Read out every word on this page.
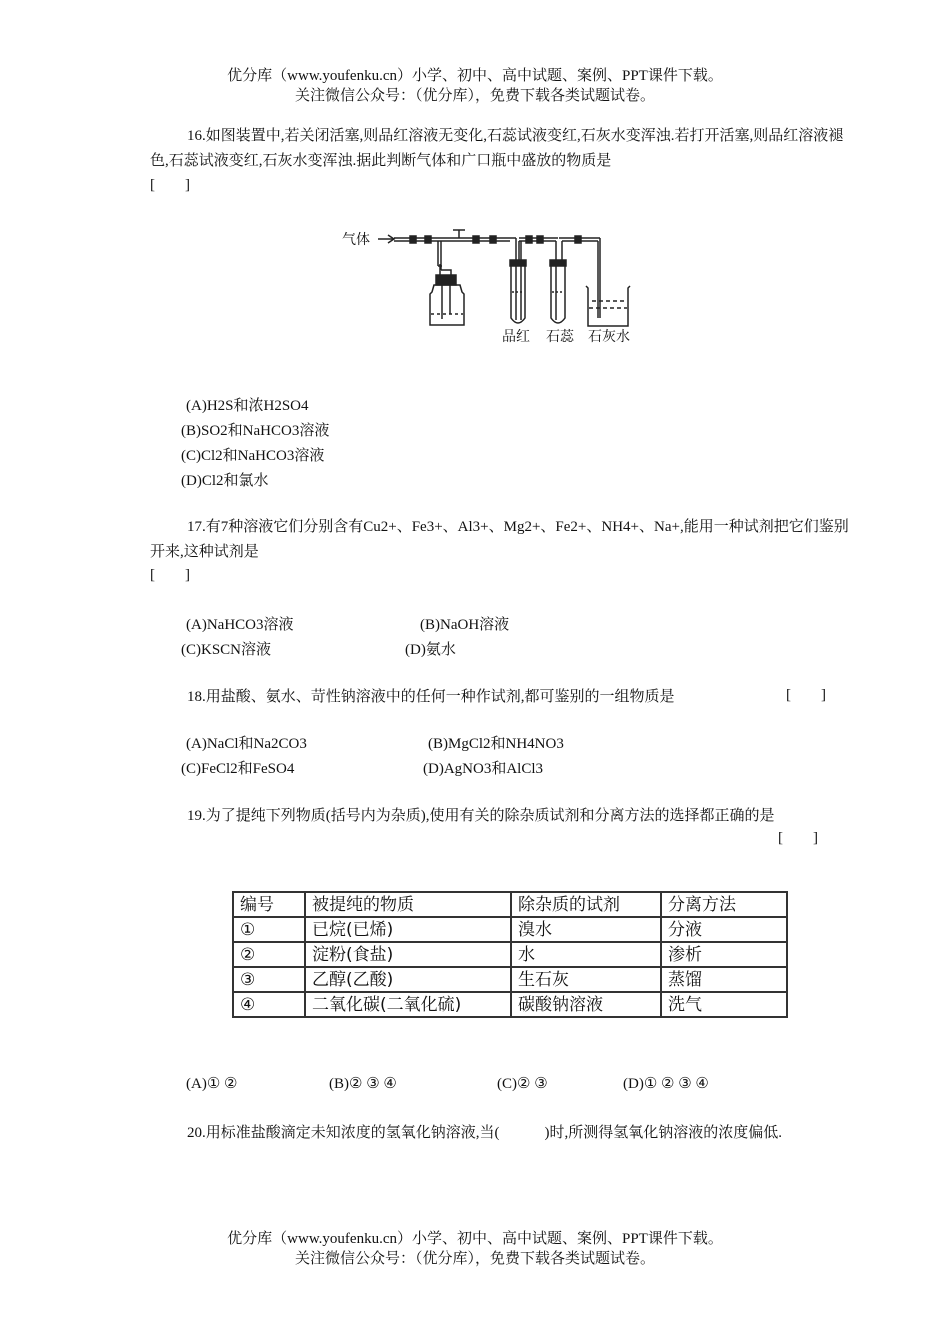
优分库（www.youfenku.cn）小学、初中、高中试题、案例、PPT课件下载。
关注微信公众号：（优分库），免费下载各类试题试卷。
16.如图装置中,若关闭活塞,则品红溶液无变化,石蕊试液变红,石灰水变浑浊.若打开活塞,则品红溶液褪色,石蕊试液变红,石灰水变浑浊.据此判断气体和广口瓶中盛放的物质是
[        ]
气体
品红 石蕊 石灰水
(A)H2S和浓H2SO4
(B)SO2和NaHCO3溶液
(C)Cl2和NaHCO3溶液
(D)Cl2和氯水
17.有7种溶液它们分别含有Cu2+、Fe3+、Al3+、Mg2+、Fe2+、NH4+、Na+,能用一种试剂把它们鉴别开来,这种试剂是
[        ]
(A)NaHCO3溶液	(B)NaOH溶液
(C)KSCN溶液	(D)氨水
18.用盐酸、氨水、苛性钠溶液中的任何一种作试剂,都可鉴别的一组物质是	[        ]
(A)NaCl和Na2CO3	(B)MgCl2和NH4NO3
(C)FeCl2和FeSO4	(D)AgNO3和AlCl3
19.为了提纯下列物质(括号内为杂质),使用有关的除杂质试剂和分离方法的选择都正确的是
[        ]
编号	被提纯的物质	除杂质的试剂	分离方法
①	已烷(已烯)	溴水	分液
②	淀粉(食盐)	水	渗析
③	乙醇(乙酸)	生石灰	蒸馏
④	二氧化碳(二氧化硫)	碳酸钠溶液	洗气
(A)① ②	(B)② ③ ④	(C)② ③	(D)① ② ③ ④
20.用标准盐酸滴定未知浓度的氢氧化钠溶液,当(            )时,所测得氢氧化钠溶液的浓度偏低.
优分库（www.youfenku.cn）小学、初中、高中试题、案例、PPT课件下载。
关注微信公众号：（优分库），免费下载各类试题试卷。
